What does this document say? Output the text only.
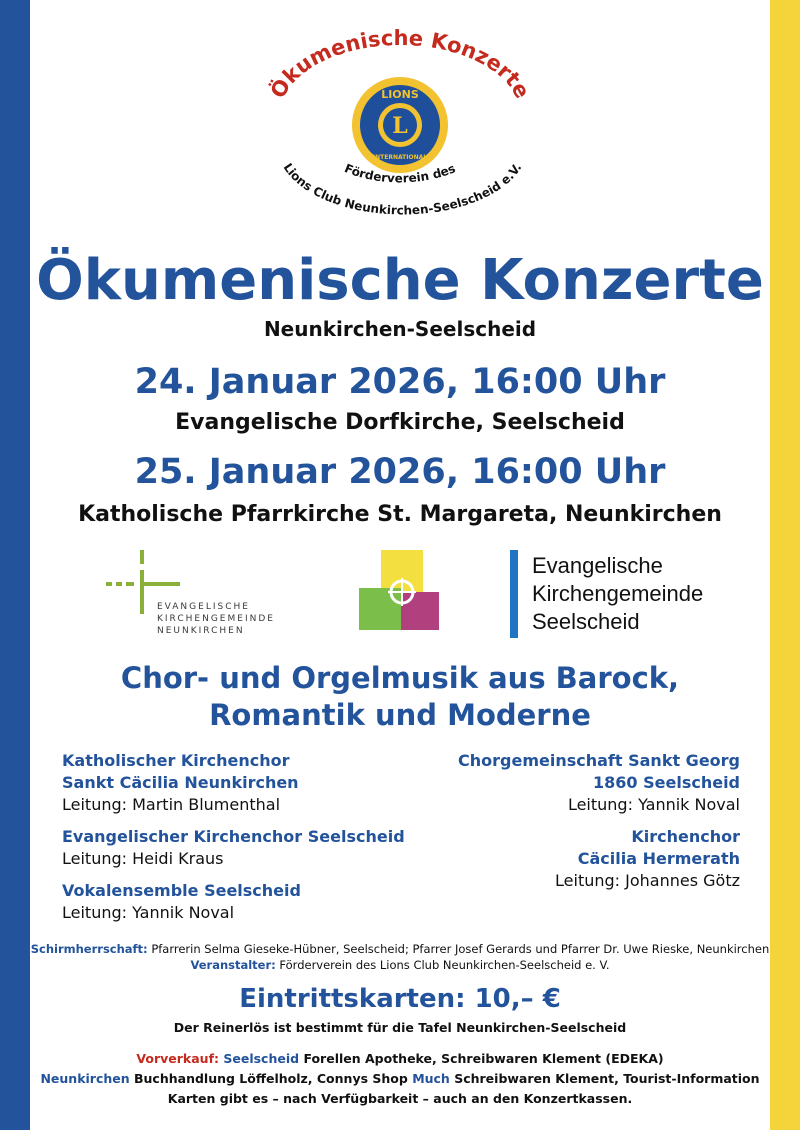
Ökumenische Konzerte
LIONS
L
INTERNATIONAL
Förderverein des
Lions Club Neunkirchen-Seelscheid e.V.
Ökumenische Konzerte
Neunkirchen-Seelscheid
24. Januar 2026, 16:00 Uhr
Evangelische Dorfkirche, Seelscheid
25. Januar 2026, 16:00 Uhr
Katholische Pfarrkirche St. Margareta, Neunkirchen
EVANGELISCHE
KIRCHENGEMEINDE
NEUNKIRCHEN
Evangelische
Kirchengemeinde
Seelscheid
Chor- und Orgelmusik aus Barock,
Romantik und Moderne
Katholischer Kirchenchor
Sankt Cäcilia Neunkirchen
Leitung: Martin Blumenthal
Evangelischer Kirchenchor Seelscheid
Leitung: Heidi Kraus
Vokalensemble Seelscheid
Leitung: Yannik Noval
Chorgemeinschaft Sankt Georg
1860 Seelscheid
Leitung: Yannik Noval
Kirchenchor
Cäcilia Hermerath
Leitung: Johannes Götz
Schirmherrschaft: Pfarrerin Selma Gieseke-Hübner, Seelscheid; Pfarrer Josef Gerards und Pfarrer Dr. Uwe Rieske, Neunkirchen
Veranstalter: Förderverein des Lions Club Neunkirchen-Seelscheid e. V.
Eintrittskarten: 10,– €
Der Reinerlös ist bestimmt für die Tafel Neunkirchen-Seelscheid
Vorverkauf: Seelscheid Forellen Apotheke, Schreibwaren Klement (EDEKA)
Neunkirchen Buchhandlung Löffelholz, Connys Shop Much Schreibwaren Klement, Tourist-Information
Karten gibt es – nach Verfügbarkeit – auch an den Konzertkassen.
